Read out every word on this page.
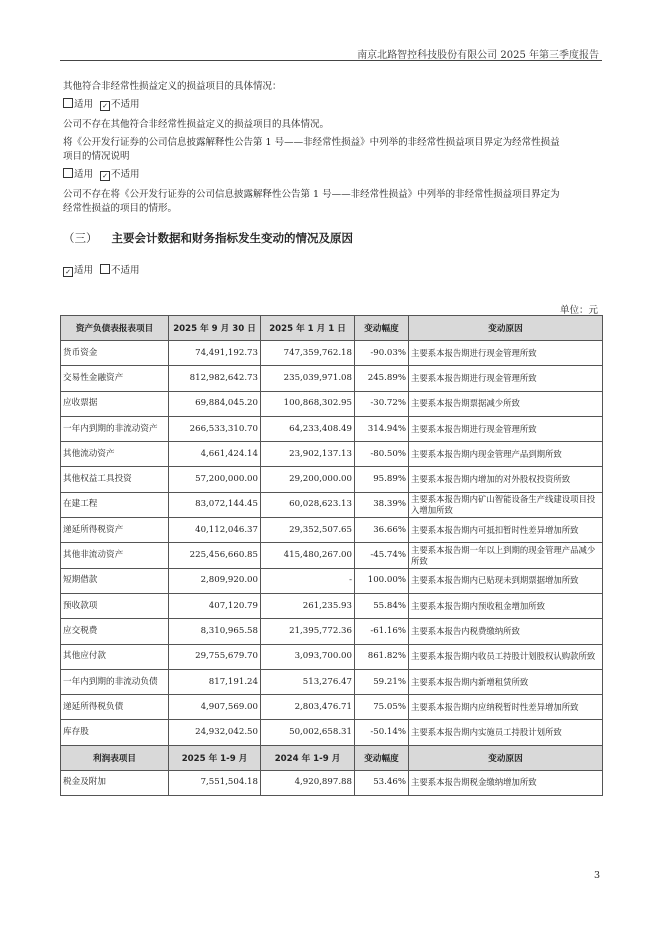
南京北路智控科技股份有限公司 2025 年第三季度报告
其他符合非经常性损益定义的损益项目的具体情况：
适用 ✓ 不适用
公司不存在其他符合非经常性损益定义的损益项目的具体情况。
将《公开发行证券的公司信息披露解释性公告第 1 号——非经常性损益》中列举的非经常性损益项目界定为经常性损益
项目的情况说明
适用 ✓ 不适用
公司不存在将《公开发行证券的公司信息披露解释性公告第 1 号——非经常性损益》中列举的非经常性损益项目界定为
经常性损益的项目的情形。
（三） 主要会计数据和财务指标发生变动的情况及原因
✓ 适用 不适用
单位：元
资产负债表报表项目	2025 年 9 月 30 日	2025 年 1 月 1 日	变动幅度	变动原因
货币资金	74,491,192.73	747,359,762.18	-90.03%	主要系本报告期进行现金管理所致
交易性金融资产	812,982,642.73	235,039,971.08	245.89%	主要系本报告期进行现金管理所致
应收票据	69,884,045.20	100,868,302.95	-30.72%	主要系本报告期票据减少所致
一年内到期的非流动资产	266,533,310.70	64,233,408.49	314.94%	主要系本报告期进行现金管理所致
其他流动资产	4,661,424.14	23,902,137.13	-80.50%	主要系本报告期内现金管理产品到期所致
其他权益工具投资	57,200,000.00	29,200,000.00	95.89%	主要系本报告期内增加的对外股权投资所致
在建工程	83,072,144.45	60,028,623.13	38.39%	主要系本报告期内矿山智能设备生产线建设项目投入增加所致
递延所得税资产	40,112,046.37	29,352,507.65	36.66%	主要系本报告期内可抵扣暂时性差异增加所致
其他非流动资产	225,456,660.85	415,480,267.00	-45.74%	主要系本报告期一年以上到期的现金管理产品减少所致
短期借款	2,809,920.00	-	100.00%	主要系本报告期内已贴现未到期票据增加所致
预收款项	407,120.79	261,235.93	55.84%	主要系本报告期内预收租金增加所致
应交税费	8,310,965.58	21,395,772.36	-61.16%	主要系本报告内税费缴纳所致
其他应付款	29,755,679.70	3,093,700.00	861.82%	主要系本报告期内收员工持股计划股权认购款所致
一年内到期的非流动负债	817,191.24	513,276.47	59.21%	主要系本报告期内新增租赁所致
递延所得税负债	4,907,569.00	2,803,476.71	75.05%	主要系本报告期内应纳税暂时性差异增加所致
库存股	24,932,042.50	50,002,658.31	-50.14%	主要系本报告期内实施员工持股计划所致
利润表项目	2025 年 1-9 月	2024 年 1-9 月	变动幅度	变动原因
税金及附加	7,551,504.18	4,920,897.88	53.46%	主要系本报告期税金缴纳增加所致
3
